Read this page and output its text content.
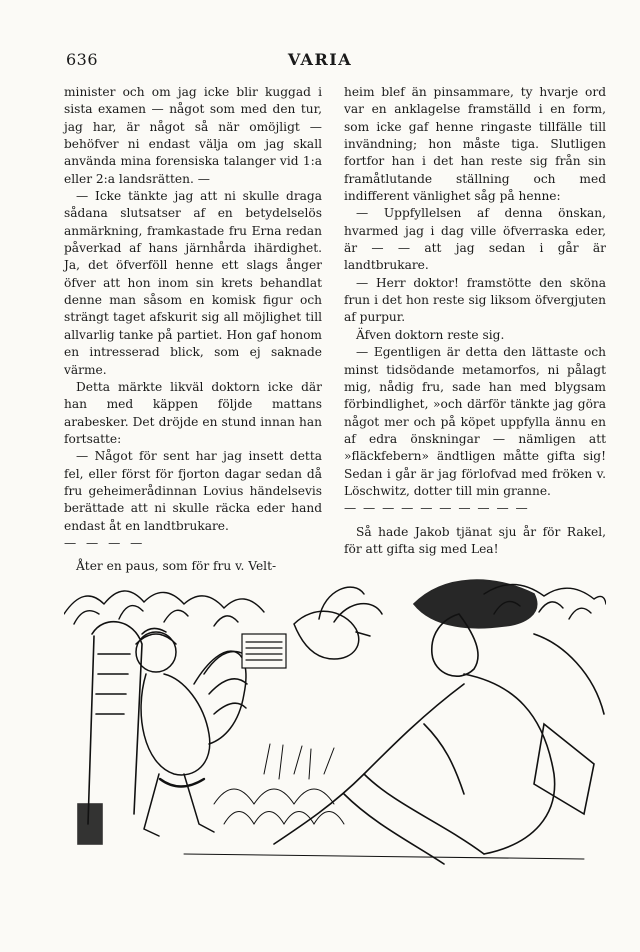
636	VARIA

minister och om jag icke blir kuggad i sista examen — något som med den tur, jag har, är något så när omöjligt — behöfver ni endast välja om jag skall använda mina forensiska talanger vid 1:a eller 2:a landsrätten. —

— Icke tänkte jag att ni skulle draga sådana slutsatser af en betydelselös anmärkning, framkastade fru Erna redan påverkad af hans järnhårda ihärdighet. Ja, det öfverföll henne ett slags ånger öfver att hon inom sin krets behandlat denne man såsom en komisk figur och strängt taget afskurit sig all möjlighet till allvarlig tanke på partiet. Hon gaf honom en intresserad blick, som ej saknade värme.

Detta märkte likväl doktorn icke där han med käppen följde mattans arabesker. Det dröjde en stund innan han fortsatte:

— Något för sent har jag insett detta fel, eller först för fjorton dagar sedan då fru geheimerådinnan Lovius händelsevis berättade att ni skulle räcka eder hand endast åt en landtbrukare.

— — — —

Åter en paus, som för fru v. Velt-

heim blef än pinsammare, ty hvarje ord var en anklagelse framställd i en form, som icke gaf henne ringaste tillfälle till invändning; hon måste tiga. Slutligen fortfor han i det han reste sig från sin framåtlutande ställning och med indifferent vänlighet såg på henne:

— Uppfyllelsen af denna önskan, hvarmed jag i dag ville öfverraska eder, är — — att jag sedan i går är landtbrukare.

— Herr doktor! framstötte den sköna frun i det hon reste sig liksom öfvergjuten af purpur.

Äfven doktorn reste sig.

— Egentligen är detta den lättaste och minst tidsödande metamorfos, ni pålagt mig, nådig fru, sade han med blygsam förbindlighet, »och därför tänkte jag göra något mer och på köpet uppfylla ännu en af edra önskningar — nämligen att »fläckfebern» ändtligen måtte gifta sig! Sedan i går är jag förlofvad med fröken v. Löschwitz, dotter till min granne.

— — — — — — — — — —

Så hade Jakob tjänat sju år för Rakel, för att gifta sig med Lea!
